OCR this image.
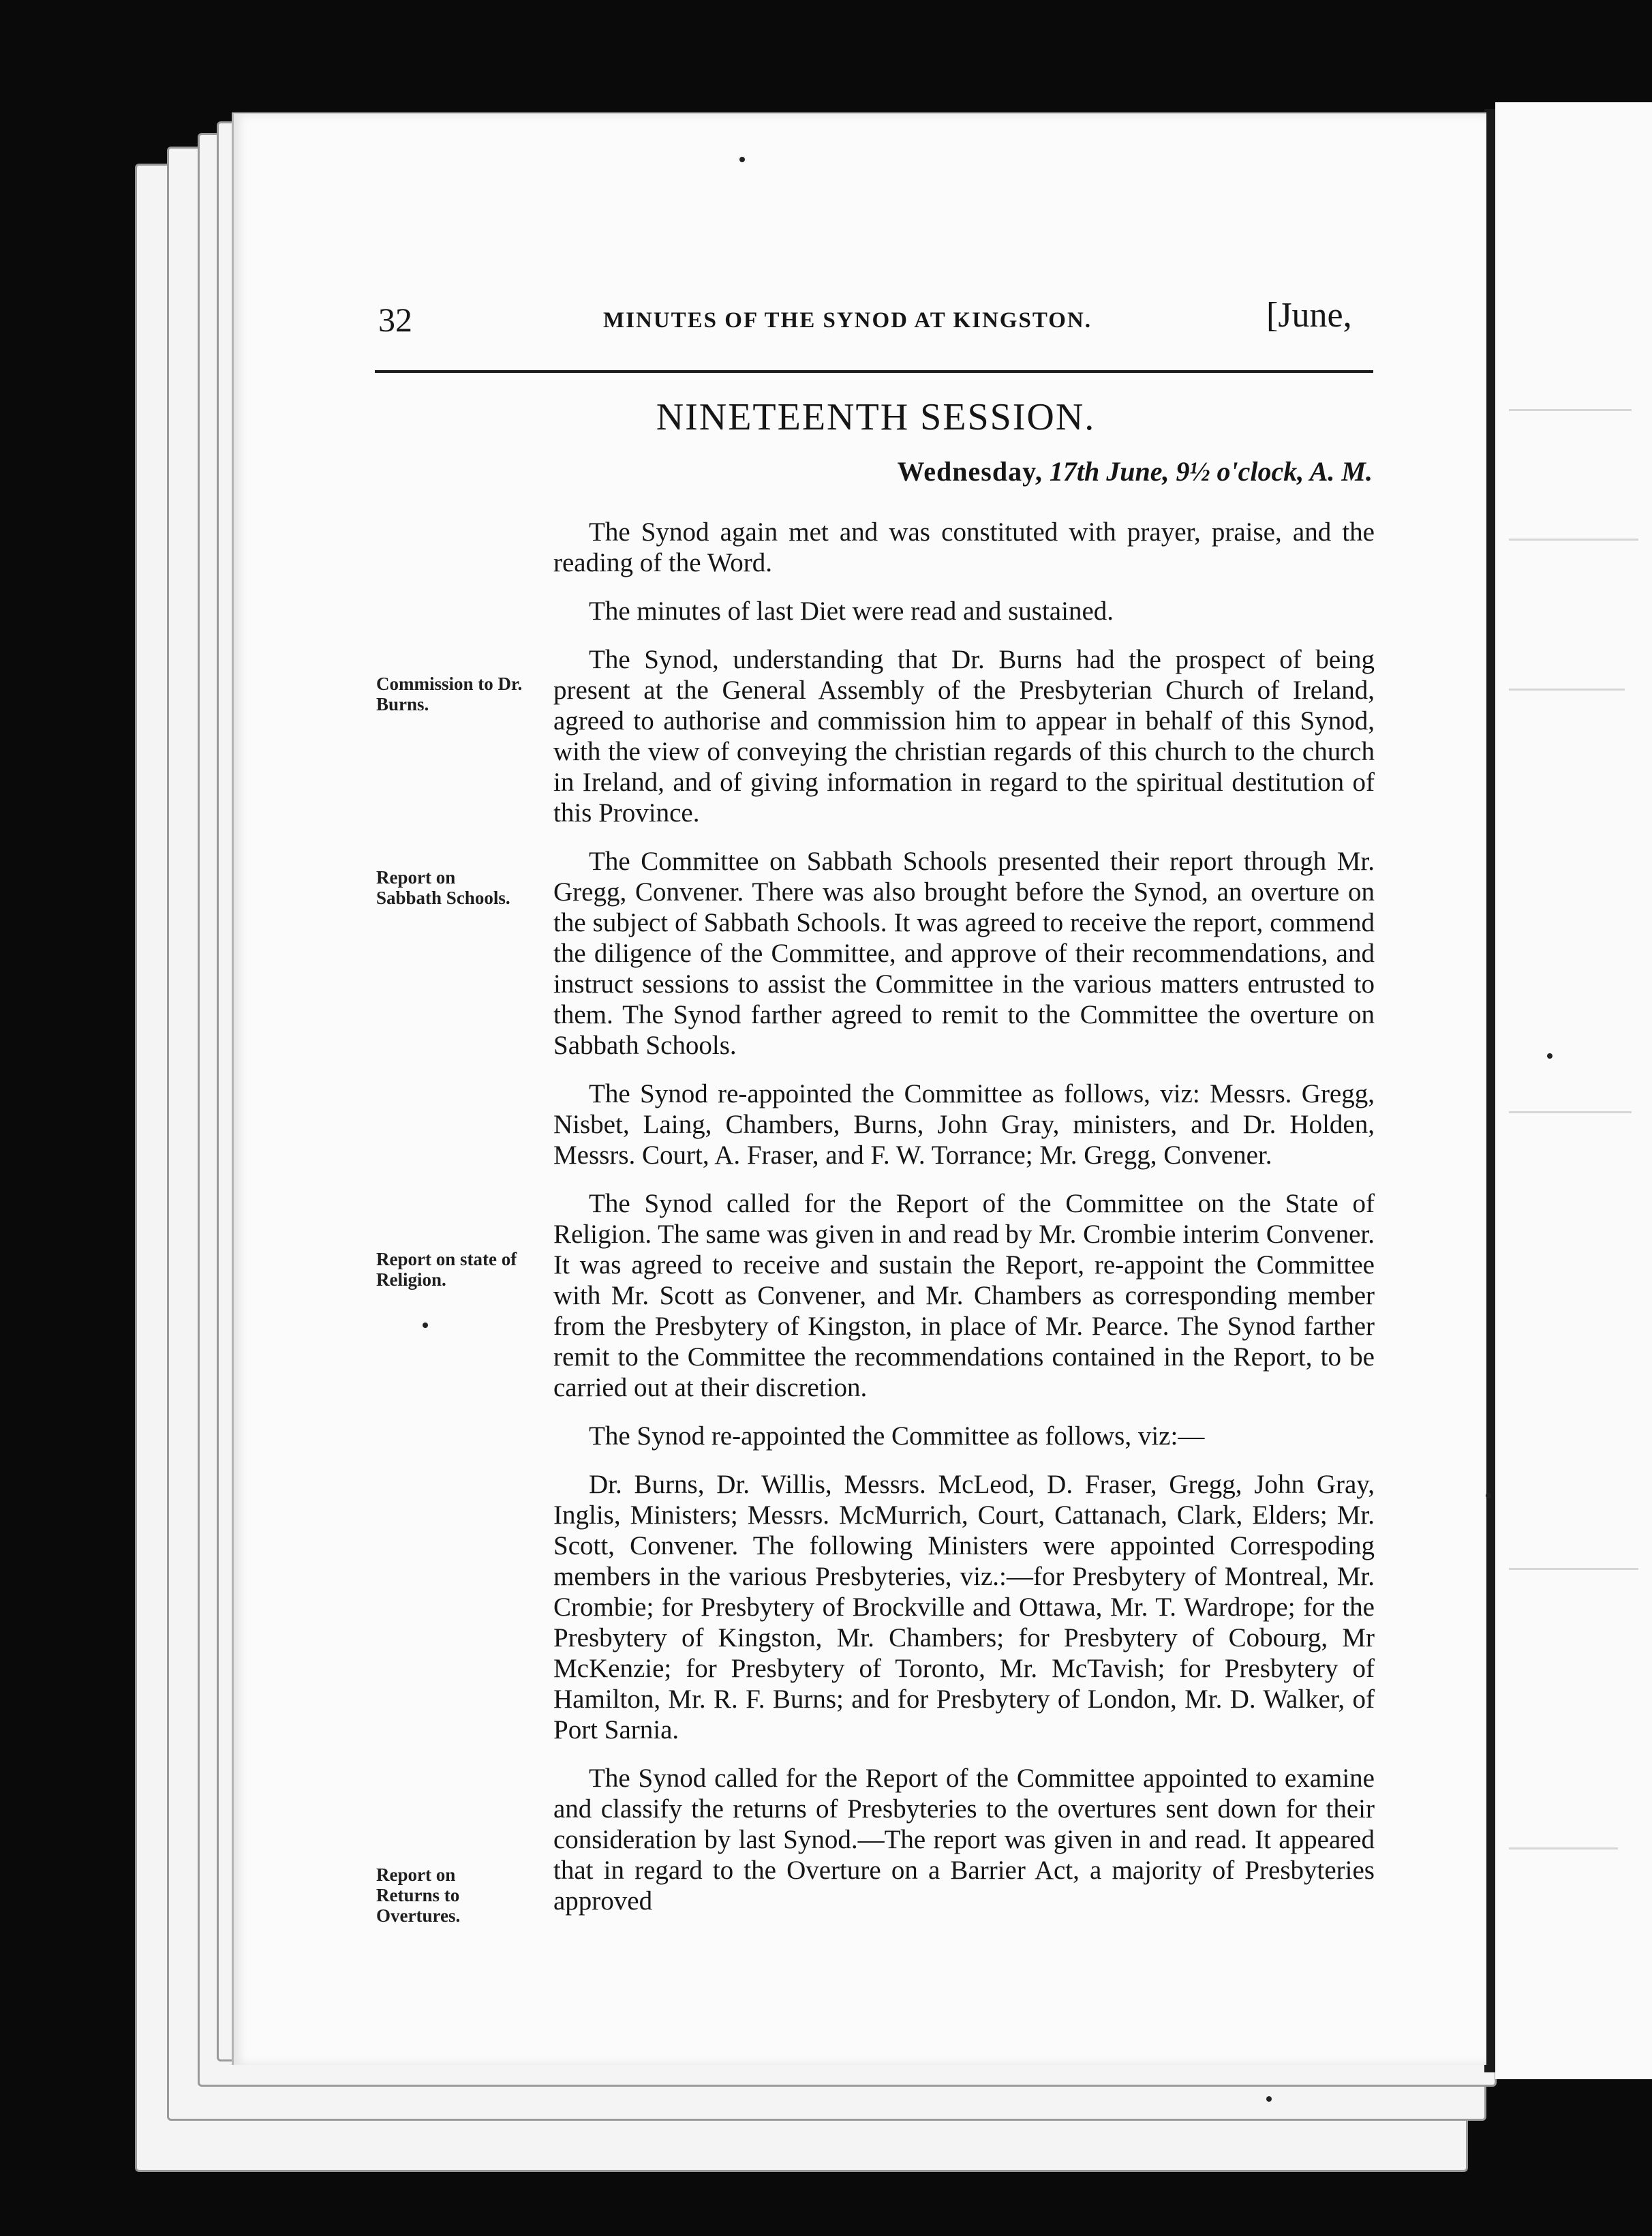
32	MINUTES OF THE SYNOD AT KINGSTON.	[June,
NINETEENTH SESSION.
Wednesday, 17th June, 9½ o'clock, A. M.

The Synod again met and was constituted with prayer, praise, and the reading of the Word.

The minutes of last Diet were read and sustained.

The Synod, understanding that Dr. Burns had the prospect of being present at the General Assembly of the Presbyterian Church of Ireland, agreed to authorise and commission him to appear in behalf of this Synod, with the view of conveying the christian regards of this church to the church in Ireland, and of giving information in regard to the spiritual destitution of this Province.

The Committee on Sabbath Schools presented their report through Mr. Gregg, Convener. There was also brought before the Synod, an overture on the subject of Sabbath Schools. It was agreed to receive the report, commend the diligence of the Committee, and approve of their recommendations, and instruct sessions to assist the Committee in the various matters entrusted to them. The Synod farther agreed to remit to the Committee the overture on Sabbath Schools.

The Synod re-appointed the Committee as follows, viz: Messrs. Gregg, Nisbet, Laing, Chambers, Burns, John Gray, ministers, and Dr. Holden, Messrs. Court, A. Fraser, and F. W. Torrance; Mr. Gregg, Convener.

The Synod called for the Report of the Committee on the State of Religion. The same was given in and read by Mr. Crombie interim Convener. It was agreed to receive and sustain the Report, re-appoint the Committee with Mr. Scott as Convener, and Mr. Chambers as corresponding member from the Presbytery of Kingston, in place of Mr. Pearce. The Synod farther remit to the Committee the recommendations contained in the Report, to be carried out at their discretion.

The Synod re-appointed the Committee as follows, viz:—

Dr. Burns, Dr. Willis, Messrs. McLeod, D. Fraser, Gregg, John Gray, Inglis, Ministers; Messrs. McMurrich, Court, Cattanach, Clark, Elders; Mr. Scott, Convener. The following Ministers were appointed Correspoding members in the various Presbyteries, viz.:—for Presbytery of Montreal, Mr. Crombie; for Presbytery of Brockville and Ottawa, Mr. T. Wardrope; for the Presbytery of Kingston, Mr. Chambers; for Presbytery of Cobourg, Mr McKenzie; for Presbytery of Toronto, Mr. McTavish; for Presbytery of Hamilton, Mr. R. F. Burns; and for Presbytery of London, Mr. D. Walker, of Port Sarnia.

The Synod called for the Report of the Committee appointed to examine and classify the returns of Presbyteries to the overtures sent down for their consideration by last Synod.—The report was given in and read. It appeared that in regard to the Overture on a Barrier Act, a majority of Presbyteries approved

Commission to Dr. Burns.
Report on Sabbath Schools.
Report on state of Religion.
Report on Returns to Overtures.
